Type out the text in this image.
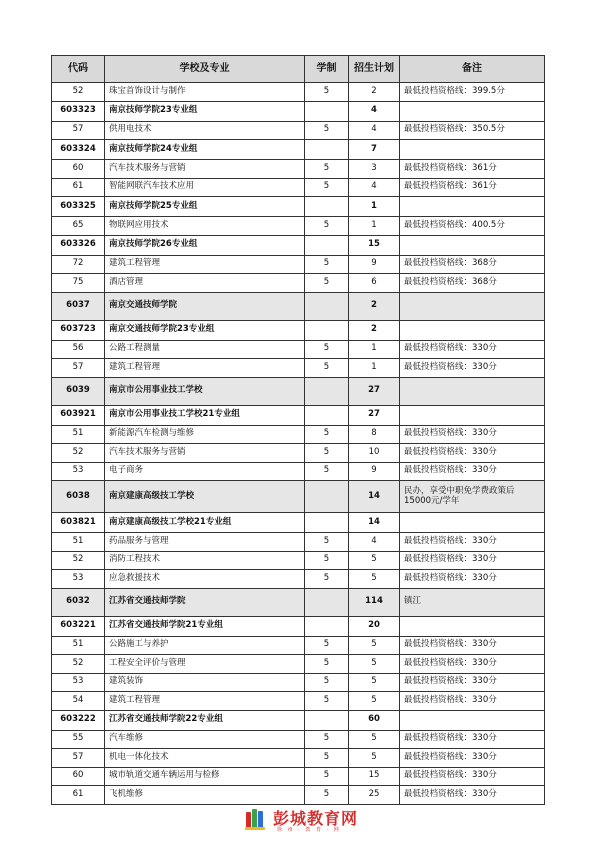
代码	学校及专业	学制	招生计划	备注
52	珠宝首饰设计与制作	5	2	最低投档资格线：399.5分
603323	南京技师学院23专业组		4	
57	供用电技术	5	4	最低投档资格线：350.5分
603324	南京技师学院24专业组		7	
60	汽车技术服务与营销	5	3	最低投档资格线：361分
61	智能网联汽车技术应用	5	4	最低投档资格线：361分
603325	南京技师学院25专业组		1	
65	物联网应用技术	5	1	最低投档资格线：400.5分
603326	南京技师学院26专业组		15	
72	建筑工程管理	5	9	最低投档资格线：368分
75	酒店管理	5	6	最低投档资格线：368分
6037	南京交通技师学院		2	
603723	南京交通技师学院23专业组		2	
56	公路工程测量	5	1	最低投档资格线：330分
57	建筑工程管理	5	1	最低投档资格线：330分
6039	南京市公用事业技工学校		27	
603921	南京市公用事业技工学校21专业组		27	
51	新能源汽车检测与维修	5	8	最低投档资格线：330分
52	汽车技术服务与营销	5	10	最低投档资格线：330分
53	电子商务	5	9	最低投档资格线：330分
6038	南京建康高级技工学校		14	民办，享受中职免学费政策后15000元/学年
603821	南京建康高级技工学校21专业组		14	
51	药品服务与管理	5	4	最低投档资格线：330分
52	消防工程技术	5	5	最低投档资格线：330分
53	应急救援技术	5	5	最低投档资格线：330分
6032	江苏省交通技师学院		114	镇江
603221	江苏省交通技师学院21专业组		20	
51	公路施工与养护	5	5	最低投档资格线：330分
52	工程安全评价与管理	5	5	最低投档资格线：330分
53	建筑装饰	5	5	最低投档资格线：330分
54	建筑工程管理	5	5	最低投档资格线：330分
603222	江苏省交通技师学院22专业组		60	
55	汽车维修	5	5	最低投档资格线：330分
57	机电一体化技术	5	5	最低投档资格线：330分
60	城市轨道交通车辆运用与检修	5	15	最低投档资格线：330分
61	飞机维修	5	25	最低投档资格线：330分
彭城教育网
徐 州 · 教 育 · 网
